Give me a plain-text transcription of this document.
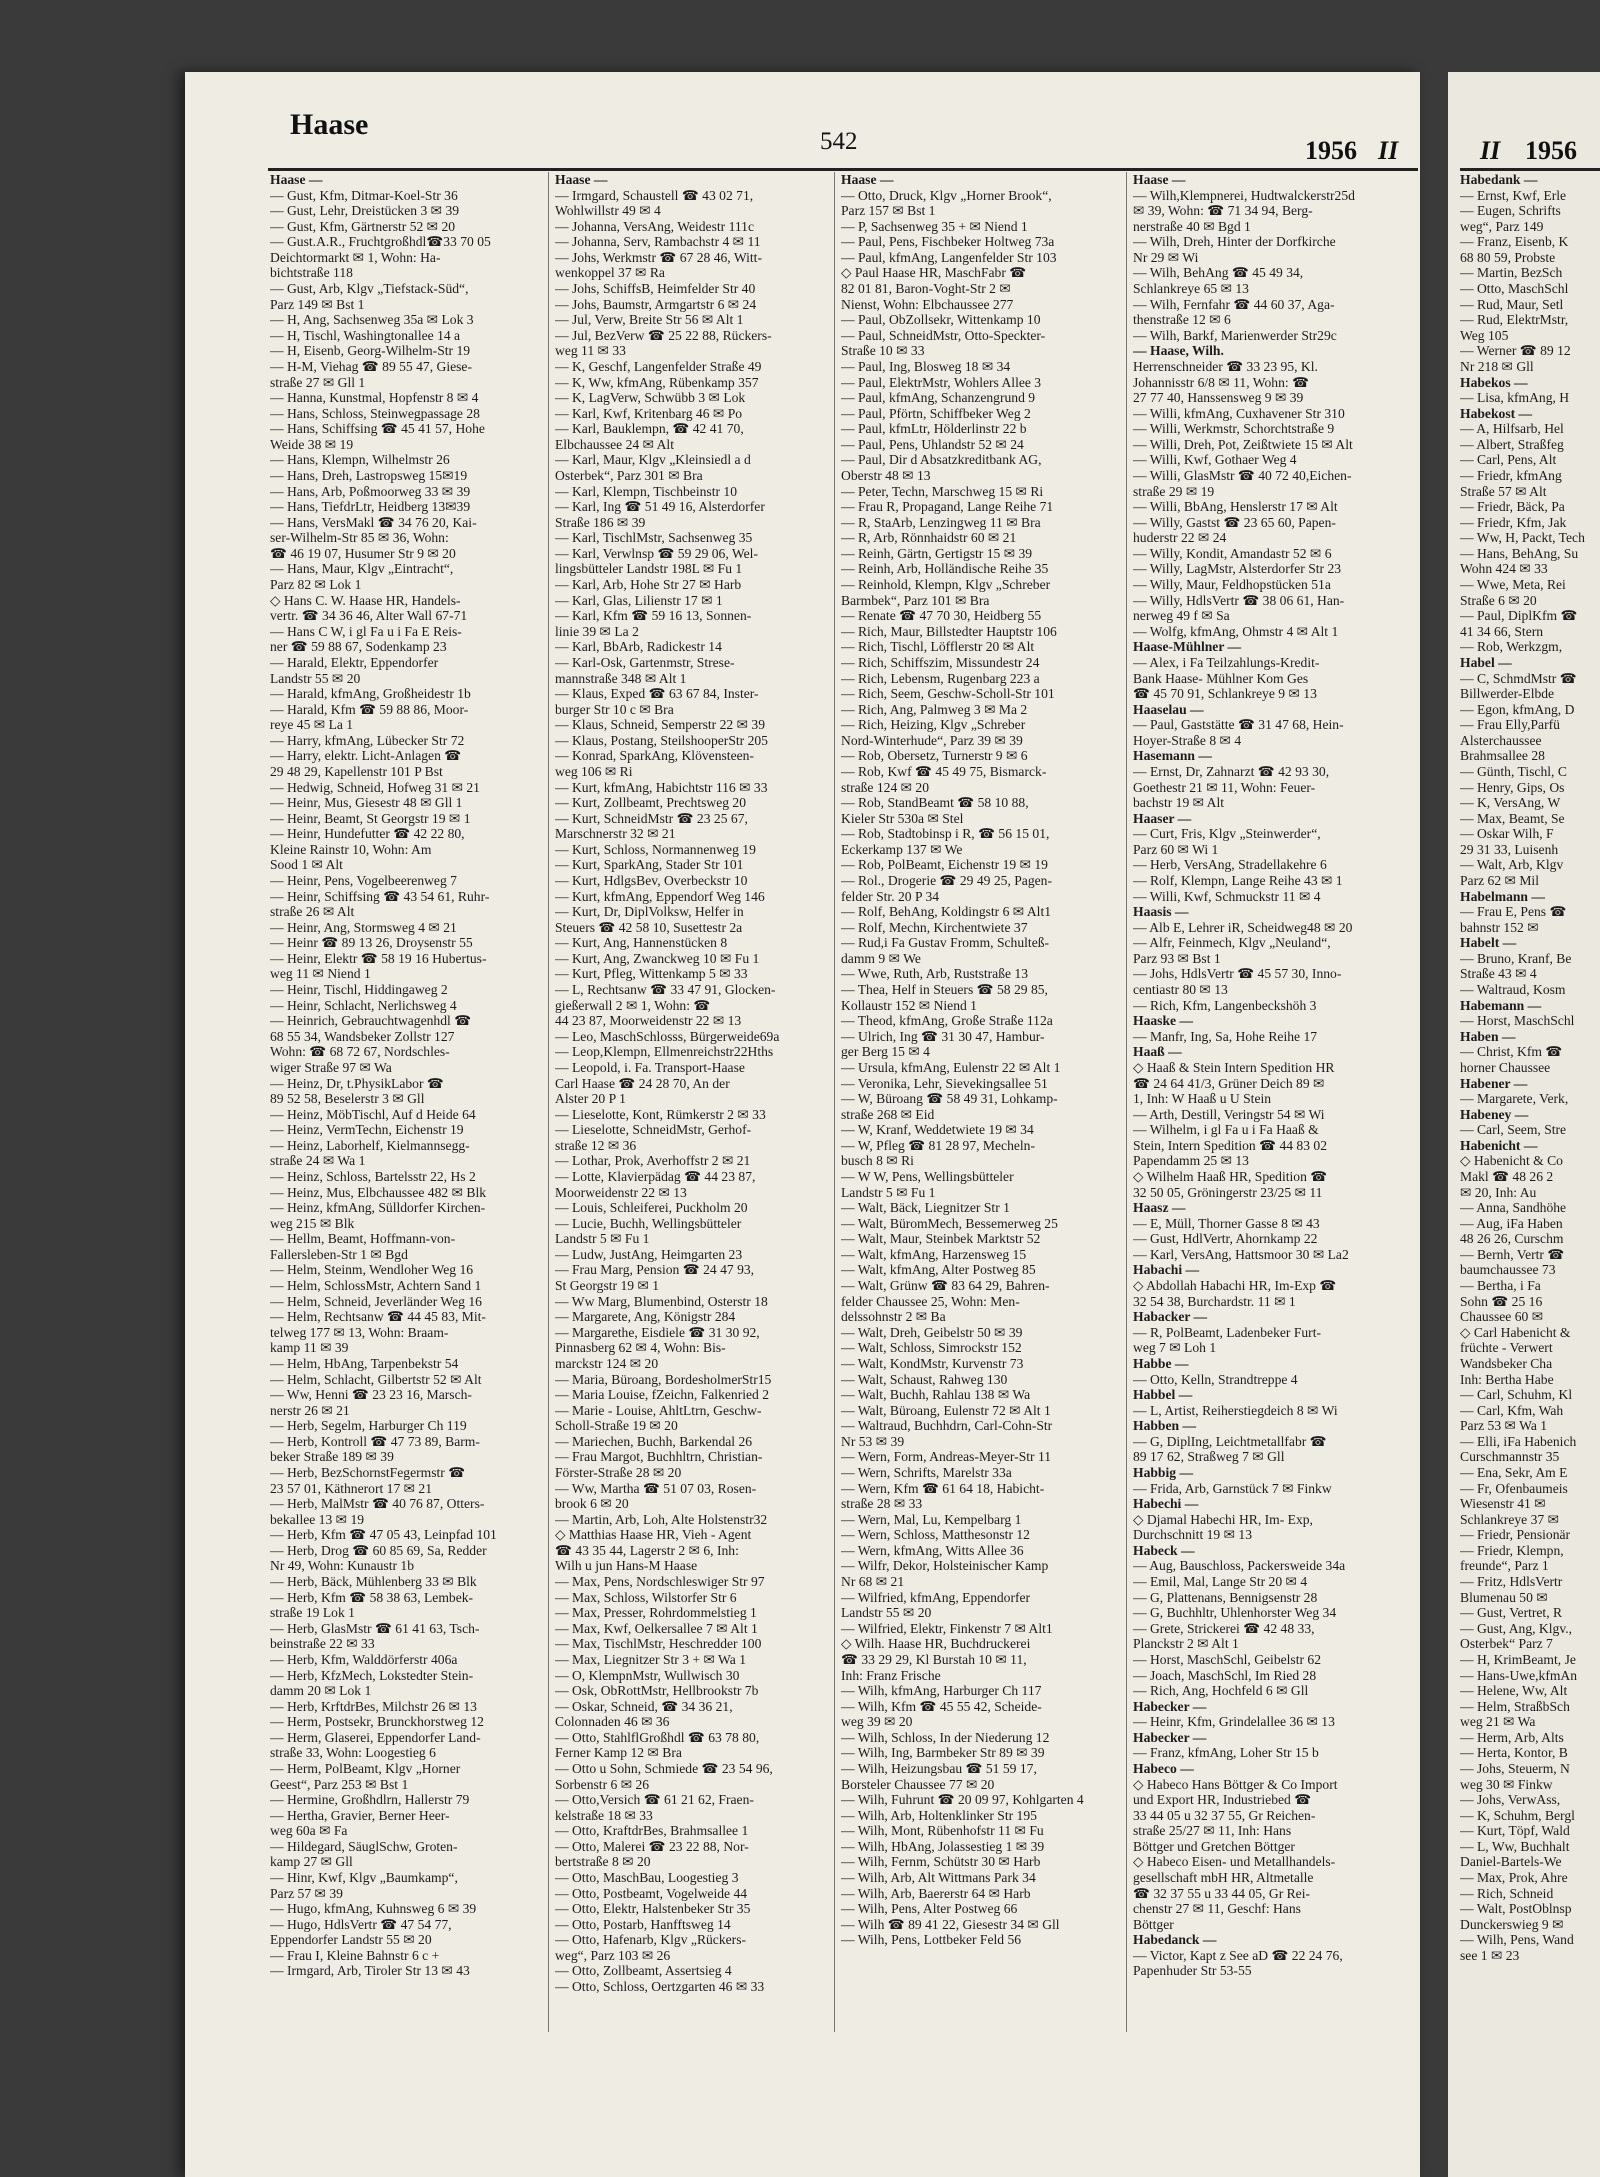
Haase
542	1956 II	II 1956
Haase —
— Gust, Kfm, Ditmar-Koel-Str 36
— Gust, Lehr, Dreistücken 3 ✉ 39
— Gust, Kfm, Gärtnerstr 52 ✉ 20
— Gust.A.R., Fruchtgroßhdl☎33 70 05
Deichtormarkt ✉ 1, Wohn: Ha-
bichtstraße 118
— Gust, Arb, Klgv „Tiefstack-Süd“,
Parz 149 ✉ Bst 1
— H, Ang, Sachsenweg 35a ✉ Lok 3
— H, Tischl, Washingtonallee 14 a
— H, Eisenb, Georg-Wilhelm-Str 19
— H-M, Viehag ☎ 89 55 47, Giese-
straße 27 ✉ Gll 1
— Hanna, Kunstmal, Hopfenstr 8 ✉ 4
— Hans, Schloss, Steinwegpassage 28
— Hans, Schiffsing ☎ 45 41 57, Hohe
Weide 38 ✉ 19
— Hans, Klempn, Wilhelmstr 26
— Hans, Dreh, Lastropsweg 15✉19
— Hans, Arb, Poßmoorweg 33 ✉ 39
— Hans, TiefdrLtr, Heidberg 13✉39
— Hans, VersMakl ☎ 34 76 20, Kai-
ser-Wilhelm-Str 85 ✉ 36, Wohn:
☎ 46 19 07, Husumer Str 9 ✉ 20
— Hans, Maur, Klgv „Eintracht“,
Parz 82 ✉ Lok 1
◇ Hans C. W. Haase HR, Handels-
vertr. ☎ 34 36 46, Alter Wall 67-71
— Hans C W, i gl Fa u i Fa E Reis-
ner ☎ 59 88 67, Sodenkamp 23
— Harald, Elektr, Eppendorfer
Landstr 55 ✉ 20
— Harald, kfmAng, Großheidestr 1b
— Harald, Kfm ☎ 59 88 86, Moor-
reye 45 ✉ La 1
— Harry, kfmAng, Lübecker Str 72
— Harry, elektr. Licht-Anlagen ☎
29 48 29, Kapellenstr 101 P Bst
— Hedwig, Schneid, Hofweg 31 ✉ 21
— Heinr, Mus, Giesestr 48 ✉ Gll 1
— Heinr, Beamt, St Georgstr 19 ✉ 1
— Heinr, Hundefutter ☎ 42 22 80,
Kleine Rainstr 10, Wohn: Am
Sood 1 ✉ Alt
— Heinr, Pens, Vogelbeerenweg 7
— Heinr, Schiffsing ☎ 43 54 61, Ruhr-
straße 26 ✉ Alt
— Heinr, Ang, Stormsweg 4 ✉ 21
— Heinr ☎ 89 13 26, Droysenstr 55
— Heinr, Elektr ☎ 58 19 16 Hubertus-
weg 11 ✉ Niend 1
— Heinr, Tischl, Hiddingaweg 2
— Heinr, Schlacht, Nerlichsweg 4
— Heinrich, Gebrauchtwagenhdl ☎
68 55 34, Wandsbeker Zollstr 127
Wohn: ☎ 68 72 67, Nordschles-
wiger Straße 97 ✉ Wa
— Heinz, Dr, t.PhysikLabor ☎
89 52 58, Beselerstr 3 ✉ Gll
— Heinz, MöbTischl, Auf d Heide 64
— Heinz, VermTechn, Eichenstr 19
— Heinz, Laborhelf, Kielmannsegg-
straße 24 ✉ Wa 1
— Heinz, Schloss, Bartelsstr 22, Hs 2
— Heinz, Mus, Elbchaussee 482 ✉ Blk
— Heinz, kfmAng, Sülldorfer Kirchen-
weg 215 ✉ Blk
— Hellm, Beamt, Hoffmann-von-
Fallersleben-Str 1 ✉ Bgd
— Helm, Steinm, Wendloher Weg 16
— Helm, SchlossMstr, Achtern Sand 1
— Helm, Schneid, Jeverländer Weg 16
— Helm, Rechtsanw ☎ 44 45 83, Mit-
telweg 177 ✉ 13, Wohn: Braam-
kamp 11 ✉ 39
— Helm, HbAng, Tarpenbekstr 54
— Helm, Schlacht, Gilbertstr 52 ✉ Alt
— Ww, Henni ☎ 23 23 16, Marsch-
nerstr 26 ✉ 21
— Herb, Segelm, Harburger Ch 119
— Herb, Kontroll ☎ 47 73 89, Barm-
beker Straße 189 ✉ 39
— Herb, BezSchornstFegermstr ☎
23 57 01, Käthnerort 17 ✉ 21
— Herb, MalMstr ☎ 40 76 87, Otters-
bekallee 13 ✉ 19
— Herb, Kfm ☎ 47 05 43, Leinpfad 101
— Herb, Drog ☎ 60 85 69, Sa, Redder
Nr 49, Wohn: Kunaustr 1b
— Herb, Bäck, Mühlenberg 33 ✉ Blk
— Herb, Kfm ☎ 58 38 63, Lembek-
straße 19 Lok 1
— Herb, GlasMstr ☎ 61 41 63, Tsch-
beinstraße 22 ✉ 33
— Herb, Kfm, Walddörferstr 406a
— Herb, KfzMech, Lokstedter Stein-
damm 20 ✉ Lok 1
— Herb, KrftdrBes, Milchstr 26 ✉ 13
— Herm, Postsekr, Brunckhorstweg 12
— Herm, Glaserei, Eppendorfer Land-
straße 33, Wohn: Loogestieg 6
— Herm, PolBeamt, Klgv „Horner
Geest“, Parz 253 ✉ Bst 1
— Hermine, Großhdlrn, Hallerstr 79
— Hertha, Gravier, Berner Heer-
weg 60a ✉ Fa
— Hildegard, SäuglSchw, Groten-
kamp 27 ✉ Gll
— Hinr, Kwf, Klgv „Baumkamp“,
Parz 57 ✉ 39
— Hugo, kfmAng, Kuhnsweg 6 ✉ 39
— Hugo, HdlsVertr ☎ 47 54 77,
Eppendorfer Landstr 55 ✉ 20
— Frau I, Kleine Bahnstr 6 c +
— Irmgard, Arb, Tiroler Str 13 ✉ 43
Haase —
— Irmgard, Schaustell ☎ 43 02 71,
Wohlwillstr 49 ✉ 4
— Johanna, VersAng, Weidestr 111c
— Johanna, Serv, Rambachstr 4 ✉ 11
— Johs, Werkmstr ☎ 67 28 46, Witt-
wenkoppel 37 ✉ Ra
— Johs, SchiffsB, Heimfelder Str 40
— Johs, Baumstr, Armgartstr 6 ✉ 24
— Jul, Verw, Breite Str 56 ✉ Alt 1
— Jul, BezVerw ☎ 25 22 88, Rückers-
weg 11 ✉ 33
— K, Geschf, Langenfelder Straße 49
— K, Ww, kfmAng, Rübenkamp 357
— K, LagVerw, Schwübb 3 ✉ Lok
— Karl, Kwf, Kritenbarg 46 ✉ Po
— Karl, Bauklempn, ☎ 42 41 70,
Elbchaussee 24 ✉ Alt
— Karl, Maur, Klgv „Kleinsiedl a d
Osterbek“, Parz 301 ✉ Bra
— Karl, Klempn, Tischbeinstr 10
— Karl, Ing ☎ 51 49 16, Alsterdorfer
Straße 186 ✉ 39
— Karl, TischlMstr, Sachsenweg 35
— Karl, Verwlnsp ☎ 59 29 06, Wel-
lingsbütteler Landstr 198L ✉ Fu 1
— Karl, Arb, Hohe Str 27 ✉ Harb
— Karl, Glas, Lilienstr 17 ✉ 1
— Karl, Kfm ☎ 59 16 13, Sonnen-
linie 39 ✉ La 2
— Karl, BbArb, Radickestr 14
— Karl-Osk, Gartenmstr, Strese-
mannstraße 348 ✉ Alt 1
— Klaus, Exped ☎ 63 67 84, Inster-
burger Str 10 c ✉ Bra
— Klaus, Schneid, Semperstr 22 ✉ 39
— Klaus, Postang, SteilshooperStr 205
— Konrad, SparkAng, Klövensteen-
weg 106 ✉ Ri
— Kurt, kfmAng, Habichtstr 116 ✉ 33
— Kurt, Zollbeamt, Prechtsweg 20
— Kurt, SchneidMstr ☎ 23 25 67,
Marschnerstr 32 ✉ 21
— Kurt, Schloss, Normannenweg 19
— Kurt, SparkAng, Stader Str 101
— Kurt, HdlgsBev, Overbeckstr 10
— Kurt, kfmAng, Eppendorf Weg 146
— Kurt, Dr, DiplVolksw, Helfer in
Steuers ☎ 42 58 10, Susettestr 2a
— Kurt, Ang, Hannenstücken 8
— Kurt, Ang, Zwanckweg 10 ✉ Fu 1
— Kurt, Pfleg, Wittenkamp 5 ✉ 33
— L, Rechtsanw ☎ 33 47 91, Glocken-
gießerwall 2 ✉ 1, Wohn: ☎
44 23 87, Moorweidenstr 22 ✉ 13
— Leo, MaschSchlosss, Bürgerweide69a
— Leop,Klempn, Ellmenreichstr22Hths
— Leopold, i. Fa. Transport-Haase
Carl Haase ☎ 24 28 70, An der
Alster 20 P 1
— Lieselotte, Kont, Rümkerstr 2 ✉ 33
— Lieselotte, SchneidMstr, Gerhof-
straße 12 ✉ 36
— Lothar, Prok, Averhoffstr 2 ✉ 21
— Lotte, Klavierpädag ☎ 44 23 87,
Moorweidenstr 22 ✉ 13
— Louis, Schleiferei, Puckholm 20
— Lucie, Buchh, Wellingsbütteler
Landstr 5 ✉ Fu 1
— Ludw, JustAng, Heimgarten 23
— Frau Marg, Pension ☎ 24 47 93,
St Georgstr 19 ✉ 1
— Ww Marg, Blumenbind, Osterstr 18
— Margarete, Ang, Königstr 284
— Margarethe, Eisdiele ☎ 31 30 92,
Pinnasberg 62 ✉ 4, Wohn: Bis-
marckstr 124 ✉ 20
— Maria, Büroang, BordesholmerStr15
— Maria Louise, fZeichn, Falkenried 2
— Marie - Louise, AhltLtrn, Geschw-
Scholl-Straße 19 ✉ 20
— Mariechen, Buchh, Barkendal 26
— Frau Margot, Buchhltrn, Christian-
Förster-Straße 28 ✉ 20
— Ww, Martha ☎ 51 07 03, Rosen-
brook 6 ✉ 20
— Martin, Arb, Loh, Alte Holstenstr32
◇ Matthias Haase HR, Vieh - Agent
☎ 43 35 44, Lagerstr 2 ✉ 6, Inh:
Wilh u jun Hans-M Haase
— Max, Pens, Nordschleswiger Str 97
— Max, Schloss, Wilstorfer Str 6
— Max, Presser, Rohrdommelstieg 1
— Max, Kwf, Oelkersallee 7 ✉ Alt 1
— Max, TischlMstr, Heschredder 100
— Max, Liegnitzer Str 3 + ✉ Wa 1
— O, KlempnMstr, Wullwisch 30
— Osk, ObRottMstr, Hellbrookstr 7b
— Oskar, Schneid, ☎ 34 36 21,
Colonnaden 46 ✉ 36
— Otto, StahlflGroßhdl ☎ 63 78 80,
Ferner Kamp 12 ✉ Bra
— Otto u Sohn, Schmiede ☎ 23 54 96,
Sorbenstr 6 ✉ 26
— Otto,Versich ☎ 61 21 62, Fraen-
kelstraße 18 ✉ 33
— Otto, KraftdrBes, Brahmsallee 1
— Otto, Malerei ☎ 23 22 88, Nor-
bertstraße 8 ✉ 20
— Otto, MaschBau, Loogestieg 3
— Otto, Postbeamt, Vogelweide 44
— Otto, Elektr, Halstenbeker Str 35
— Otto, Postarb, Hanfftsweg 14
— Otto, Hafenarb, Klgv „Rückers-
weg“, Parz 103 ✉ 26
— Otto, Zollbeamt, Assertsieg 4
— Otto, Schloss, Oertzgarten 46 ✉ 33
Haase —
— Otto, Druck, Klgv „Horner Brook“,
Parz 157 ✉ Bst 1
— P, Sachsenweg 35 + ✉ Niend 1
— Paul, Pens, Fischbeker Holtweg 73a
— Paul, kfmAng, Langenfelder Str 103
◇ Paul Haase HR, MaschFabr ☎
82 01 81, Baron-Voght-Str 2 ✉
Nienst, Wohn: Elbchaussee 277
— Paul, ObZollsekr, Wittenkamp 10
— Paul, SchneidMstr, Otto-Speckter-
Straße 10 ✉ 33
— Paul, Ing, Blosweg 18 ✉ 34
— Paul, ElektrMstr, Wohlers Allee 3
— Paul, kfmAng, Schanzengrund 9
— Paul, Pförtn, Schiffbeker Weg 2
— Paul, kfmLtr, Hölderlinstr 22 b
— Paul, Pens, Uhlandstr 52 ✉ 24
— Paul, Dir d Absatzkreditbank AG,
Oberstr 48 ✉ 13
— Peter, Techn, Marschweg 15 ✉ Ri
— Frau R, Propagand, Lange Reihe 71
— R, StaArb, Lenzingweg 11 ✉ Bra
— R, Arb, Rönnhaidstr 60 ✉ 21
— Reinh, Gärtn, Gertigstr 15 ✉ 39
— Reinh, Arb, Holländische Reihe 35
— Reinhold, Klempn, Klgv „Schreber
Barmbek“, Parz 101 ✉ Bra
— Renate ☎ 47 70 30, Heidberg 55
— Rich, Maur, Billstedter Hauptstr 106
— Rich, Tischl, Löfflerstr 20 ✉ Alt
— Rich, Schiffszim, Missundestr 24
— Rich, Lebensm, Rugenbarg 223 a
— Rich, Seem, Geschw-Scholl-Str 101
— Rich, Ang, Palmweg 3 ✉ Ma 2
— Rich, Heizing, Klgv „Schreber
Nord-Winterhude“, Parz 39 ✉ 39
— Rob, Obersetz, Turnerstr 9 ✉ 6
— Rob, Kwf ☎ 45 49 75, Bismarck-
straße 124 ✉ 20
— Rob, StandBeamt ☎ 58 10 88,
Kieler Str 530a ✉ Stel
— Rob, Stadtobinsp i R, ☎ 56 15 01,
Eckerkamp 137 ✉ We
— Rob, PolBeamt, Eichenstr 19 ✉ 19
— Rol., Drogerie ☎ 29 49 25, Pagen-
felder Str. 20 P 34
— Rolf, BehAng, Koldingstr 6 ✉ Alt1
— Rolf, Mechn, Kirchentwiete 37
— Rud,i Fa Gustav Fromm, Schulteß-
damm 9 ✉ We
— Wwe, Ruth, Arb, Ruststraße 13
— Thea, Helf in Steuers ☎ 58 29 85,
Kollaustr 152 ✉ Niend 1
— Theod, kfmAng, Große Straße 112a
— Ulrich, Ing ☎ 31 30 47, Hambur-
ger Berg 15 ✉ 4
— Ursula, kfmAng, Eulenstr 22 ✉ Alt 1
— Veronika, Lehr, Sievekingsallee 51
— W, Büroang ☎ 58 49 31, Lohkamp-
straße 268 ✉ Eid
— W, Kranf, Weddetwiete 19 ✉ 34
— W, Pfleg ☎ 81 28 97, Mecheln-
busch 8 ✉ Ri
— W W, Pens, Wellingsbütteler
Landstr 5 ✉ Fu 1
— Walt, Bäck, Liegnitzer Str 1
— Walt, BüromMech, Bessemerweg 25
— Walt, Maur, Steinbek Marktstr 52
— Walt, kfmAng, Harzensweg 15
— Walt, kfmAng, Alter Postweg 85
— Walt, Grünw ☎ 83 64 29, Bahren-
felder Chaussee 25, Wohn: Men-
delssohnstr 2 ✉ Ba
— Walt, Dreh, Geibelstr 50 ✉ 39
— Walt, Schloss, Simrockstr 152
— Walt, KondMstr, Kurvenstr 73
— Walt, Schaust, Rahweg 130
— Walt, Buchh, Rahlau 138 ✉ Wa
— Walt, Büroang, Eulenstr 72 ✉ Alt 1
— Waltraud, Buchhdrn, Carl-Cohn-Str
Nr 53 ✉ 39
— Wern, Form, Andreas-Meyer-Str 11
— Wern, Schrifts, Marelstr 33a
— Wern, Kfm ☎ 61 64 18, Habicht-
straße 28 ✉ 33
— Wern, Mal, Lu, Kempelbarg 1
— Wern, Schloss, Matthesonstr 12
— Wern, kfmAng, Witts Allee 36
— Wilfr, Dekor, Holsteinischer Kamp
Nr 68 ✉ 21
— Wilfried, kfmAng, Eppendorfer
Landstr 55 ✉ 20
— Wilfried, Elektr, Finkenstr 7 ✉ Alt1
◇ Wilh. Haase HR, Buchdruckerei
☎ 33 29 29, Kl Burstah 10 ✉ 11,
Inh: Franz Frische
— Wilh, kfmAng, Harburger Ch 117
— Wilh, Kfm ☎ 45 55 42, Scheide-
weg 39 ✉ 20
— Wilh, Schloss, In der Niederung 12
— Wilh, Ing, Barmbeker Str 89 ✉ 39
— Wilh, Heizungsbau ☎ 51 59 17,
Borsteler Chaussee 77 ✉ 20
— Wilh, Fuhrunt ☎ 20 09 97, Kohlgarten 4
— Wilh, Arb, Holtenklinker Str 195
— Wilh, Mont, Rübenhofstr 11 ✉ Fu
— Wilh, HbAng, Jolassestieg 1 ✉ 39
— Wilh, Fernm, Schütstr 30 ✉ Harb
— Wilh, Arb, Alt Wittmans Park 34
— Wilh, Arb, Baererstr 64 ✉ Harb
— Wilh, Pens, Alter Postweg 66
— Wilh ☎ 89 41 22, Giesestr 34 ✉ Gll
— Wilh, Pens, Lottbeker Feld 56
Haase —
— Wilh,Klempnerei, Hudtwalckerstr25d
✉ 39, Wohn: ☎ 71 34 94, Berg-
nerstraße 40 ✉ Bgd 1
— Wilh, Dreh, Hinter der Dorfkirche
Nr 29 ✉ Wi
— Wilh, BehAng ☎ 45 49 34,
Schlankreye 65 ✉ 13
— Wilh, Fernfahr ☎ 44 60 37, Aga-
thenstraße 12 ✉ 6
— Wilh, Barkf, Marienwerder Str29c
— Haase, Wilh.
Herrenschneider ☎ 33 23 95, Kl.
Johannisstr 6/8 ✉ 11, Wohn: ☎
27 77 40, Hanssensweg 9 ✉ 39
— Willi, kfmAng, Cuxhavener Str 310
— Willi, Werkmstr, Schorchtstraße 9
— Willi, Dreh, Pot, Zeißtwiete 15 ✉ Alt
— Willi, Kwf, Gothaer Weg 4
— Willi, GlasMstr ☎ 40 72 40,Eichen-
straße 29 ✉ 19
— Willi, BbAng, Henslerstr 17 ✉ Alt
— Willy, Gastst ☎ 23 65 60, Papen-
huderstr 22 ✉ 24
— Willy, Kondit, Amandastr 52 ✉ 6
— Willy, LagMstr, Alsterdorfer Str 23
— Willy, Maur, Feldhopstücken 51a
— Willy, HdlsVertr ☎ 38 06 61, Han-
nerweg 49 f ✉ Sa
— Wolfg, kfmAng, Ohmstr 4 ✉ Alt 1
Haase-Mühlner —
— Alex, i Fa Teilzahlungs-Kredit-
Bank Haase- Mühlner Kom Ges
☎ 45 70 91, Schlankreye 9 ✉ 13
Haaselau —
— Paul, Gaststätte ☎ 31 47 68, Hein-
Hoyer-Straße 8 ✉ 4
Hasemann —
— Ernst, Dr, Zahnarzt ☎ 42 93 30,
Goethestr 21 ✉ 11, Wohn: Feuer-
bachstr 19 ✉ Alt
Haaser —
— Curt, Fris, Klgv „Steinwerder“,
Parz 60 ✉ Wi 1
— Herb, VersAng, Stradellakehre 6
— Rolf, Klempn, Lange Reihe 43 ✉ 1
— Willi, Kwf, Schmuckstr 11 ✉ 4
Haasis —
— Alb E, Lehrer iR, Scheidweg48 ✉ 20
— Alfr, Feinmech, Klgv „Neuland“,
Parz 93 ✉ Bst 1
— Johs, HdlsVertr ☎ 45 57 30, Inno-
centiastr 80 ✉ 13
— Rich, Kfm, Langenbeckshöh 3
Haaske —
— Manfr, Ing, Sa, Hohe Reihe 17
Haaß —
◇ Haaß & Stein Intern Spedition HR
☎ 24 64 41/3, Grüner Deich 89 ✉
1, Inh: W Haaß u U Stein
— Arth, Destill, Veringstr 54 ✉ Wi
— Wilhelm, i gl Fa u i Fa Haaß &
Stein, Intern Spedition ☎ 44 83 02
Papendamm 25 ✉ 13
◇ Wilhelm Haaß HR, Spedition ☎
32 50 05, Gröningerstr 23/25 ✉ 11
Haasz —
— E, Müll, Thorner Gasse 8 ✉ 43
— Gust, HdlVertr, Ahornkamp 22
— Karl, VersAng, Hattsmoor 30 ✉ La2
Habachi —
◇ Abdollah Habachi HR, Im-Exp ☎
32 54 38, Burchardstr. 11 ✉ 1
Habacker —
— R, PolBeamt, Ladenbeker Furt-
weg 7 ✉ Loh 1
Habbe —
— Otto, Kelln, Strandtreppe 4
Habbel —
— L, Artist, Reiherstiegdeich 8 ✉ Wi
Habben —
— G, DiplIng, Leichtmetallfabr ☎
89 17 62, Straßweg 7 ✉ Gll
Habbig —
— Frida, Arb, Garnstück 7 ✉ Finkw
Habechi —
◇ Djamal Habechi HR, Im- Exp,
Durchschnitt 19 ✉ 13
Habeck —
— Aug, Bauschloss, Packersweide 34a
— Emil, Mal, Lange Str 20 ✉ 4
— G, Plattenans, Bennigsenstr 28
— G, Buchhltr, Uhlenhorster Weg 34
— Grete, Strickerei ☎ 42 48 33,
Planckstr 2 ✉ Alt 1
— Horst, MaschSchl, Geibelstr 62
— Joach, MaschSchl, Im Ried 28
— Rich, Ang, Hochfeld 6 ✉ Gll
Habecker —
— Heinr, Kfm, Grindelallee 36 ✉ 13
Habecker —
— Franz, kfmAng, Loher Str 15 b
Habeco —
◇ Habeco Hans Böttger & Co Import
und Export HR, Industriebed ☎
33 44 05 u 32 37 55, Gr Reichen-
straße 25/27 ✉ 11, Inh: Hans
Böttger und Gretchen Böttger
◇ Habeco Eisen- und Metallhandels-
gesellschaft mbH HR, Altmetalle
☎ 32 37 55 u 33 44 05, Gr Rei-
chenstr 27 ✉ 11, Geschf: Hans
Böttger
Habedanck —
— Victor, Kapt z See aD ☎ 22 24 76,
Papenhuder Str 53-55
Habedank —
— Ernst, Kwf, Erle
— Eugen, Schrifts
weg“, Parz 149
— Franz, Eisenb, K
68 80 59, Probste
— Martin, BezSch
— Otto, MaschSchl
— Rud, Maur, Setl
— Rud, ElektrMstr,
Weg 105
— Werner ☎ 89 12
Nr 218 ✉ Gll
Habekos —
— Lisa, kfmAng, H
Habekost —
— A, Hilfsarb, Hel
— Albert, Straßfeg
— Carl, Pens, Alt
— Friedr, kfmAng
Straße 57 ✉ Alt
— Friedr, Bäck, Pa
— Friedr, Kfm, Jak
— Ww, H, Packt, Tech
— Hans, BehAng, Su
Wohn 424 ✉ 33
— Wwe, Meta, Rei
Straße 6 ✉ 20
— Paul, DiplKfm ☎
41 34 66, Stern
— Rob, Werkzgm,
Habel —
— C, SchmdMstr ☎
Billwerder-Elbde
— Egon, kfmAng, D
— Frau Elly,Parfü
Alsterchaussee
Brahmsallee 28
— Günth, Tischl, C
— Henry, Gips, Os
— K, VersAng, W
— Max, Beamt, Se
— Oskar Wilh, F
29 31 33, Luisenh
— Walt, Arb, Klgv
Parz 62 ✉ Mil
Habelmann —
— Frau E, Pens ☎
bahnstr 152 ✉
Habelt —
— Bruno, Kranf, Be
Straße 43 ✉ 4
— Waltraud, Kosm
Habemann —
— Horst, MaschSchl
Haben —
— Christ, Kfm ☎
horner Chaussee
Habener —
— Margarete, Verk,
Habeney —
— Carl, Seem, Stre
Habenicht —
◇ Habenicht & Co
Makl ☎ 48 26 2
✉ 20, Inh: Au
— Anna, Sandhöhe
— Aug, iFa Haben
48 26 26, Curschm
— Bernh, Vertr ☎
baumchaussee 73
— Bertha, i Fa
Sohn ☎ 25 16
Chaussee 60 ✉
◇ Carl Habenicht &
früchte - Verwert
Wandsbeker Cha
Inh: Bertha Habe
— Carl, Schuhm, Kl
— Carl, Kfm, Wah
Parz 53 ✉ Wa 1
— Elli, iFa Habenich
Curschmannstr 35
— Ena, Sekr, Am E
— Fr, Ofenbaumeis
Wiesenstr 41 ✉
Schlankreye 37 ✉
— Friedr, Pensionär
— Friedr, Klempn,
freunde“, Parz 1
— Fritz, HdlsVertr
Blumenau 50 ✉
— Gust, Vertret, R
— Gust, Ang, Klgv.,
Osterbek“ Parz 7
— H, KrimBeamt, Je
— Hans-Uwe,kfmAn
— Helene, Ww, Alt
— Helm, StraßbSch
weg 21 ✉ Wa
— Herm, Arb, Alts
— Herta, Kontor, B
— Johs, Steuerm, N
weg 30 ✉ Finkw
— Johs, VerwAss,
— K, Schuhm, Bergl
— Kurt, Töpf, Wald
— L, Ww, Buchhalt
Daniel-Bartels-We
— Max, Prok, Ahre
— Rich, Schneid
— Walt, PostOblnsp
Dunckerswieg 9 ✉
— Wilh, Pens, Wand
see 1 ✉ 23
